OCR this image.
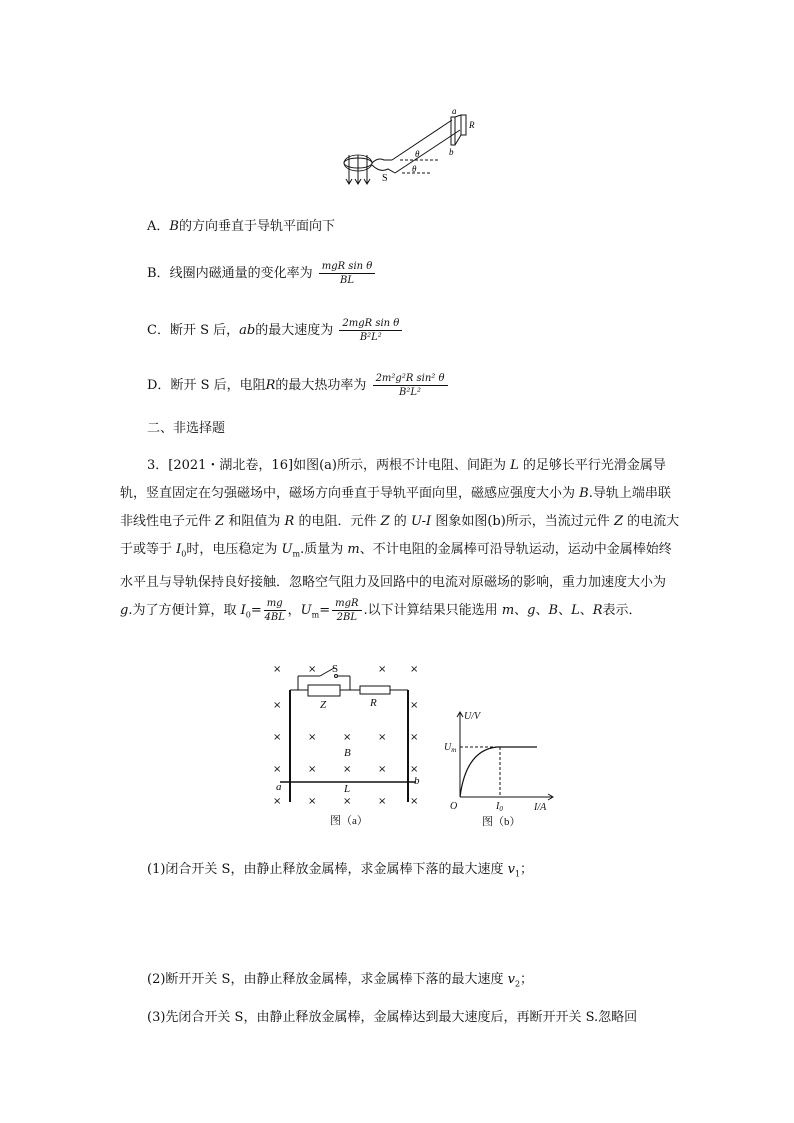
a
b
R
θ
θ
S
A．B的方向垂直于导轨平面向下
B．线圈内磁通量的变化率为 $\frac{\text{mgR sin θ}}{BL}$
C．断开 S 后，ab的最大速度为 $\frac{\text{2mgR sin θ}}{\text{B²L²}}$
D．断开 S 后，电阻R的最大热功率为 $\frac{\text{2m²g²R sin² θ}}{\text{B²L²}}$
二、非选择题
3．[2021・湖北卷，16]如图(a)所示，两根不计电阻、间距为 L 的足够长平行光滑金属导轨，竖直固定在匀强磁场中，磁场方向垂直于导轨平面向里，磁感应强度大小为 B.导轨上端串联非线性电子元件 Z 和阻值为 R 的电阻．元件 Z 的 U-I 图象如图(b)所示，当流过元件 Z 的电流大于或等于 $I_0$时，电压稳定为 $U_m$.质量为 m、不计电阻的金属棒可沿导轨运动，运动中金属棒始终水平且与导轨保持良好接触．忽略空气阻力及回路中的电流对原磁场的影响，重力加速度大小为 g.为了方便计算，取 $I_0= \frac{mg}{4BL}$ ，$U_m= \frac{\text{mgR}}{2BL}$ .以下计算结果只能选用 m、g、B、L、R表示．
×	×	× ×
×	×
×	×	×	× ×
×	×	×	× ×
×	×	×	× ×
S
Z	R
B
L
a	b
图（a）
U/V
I/A
O
$U_m$
$I_0$
图（b）
(1)闭合开关 S，由静止释放金属棒，求金属棒下落的最大速度 $v_1$；
(2)断开开关 S，由静止释放金属棒，求金属棒下落的最大速度 $v_2$；
(3)先闭合开关 S，由静止释放金属棒，金属棒达到最大速度后，再断开开关 S.忽略回
